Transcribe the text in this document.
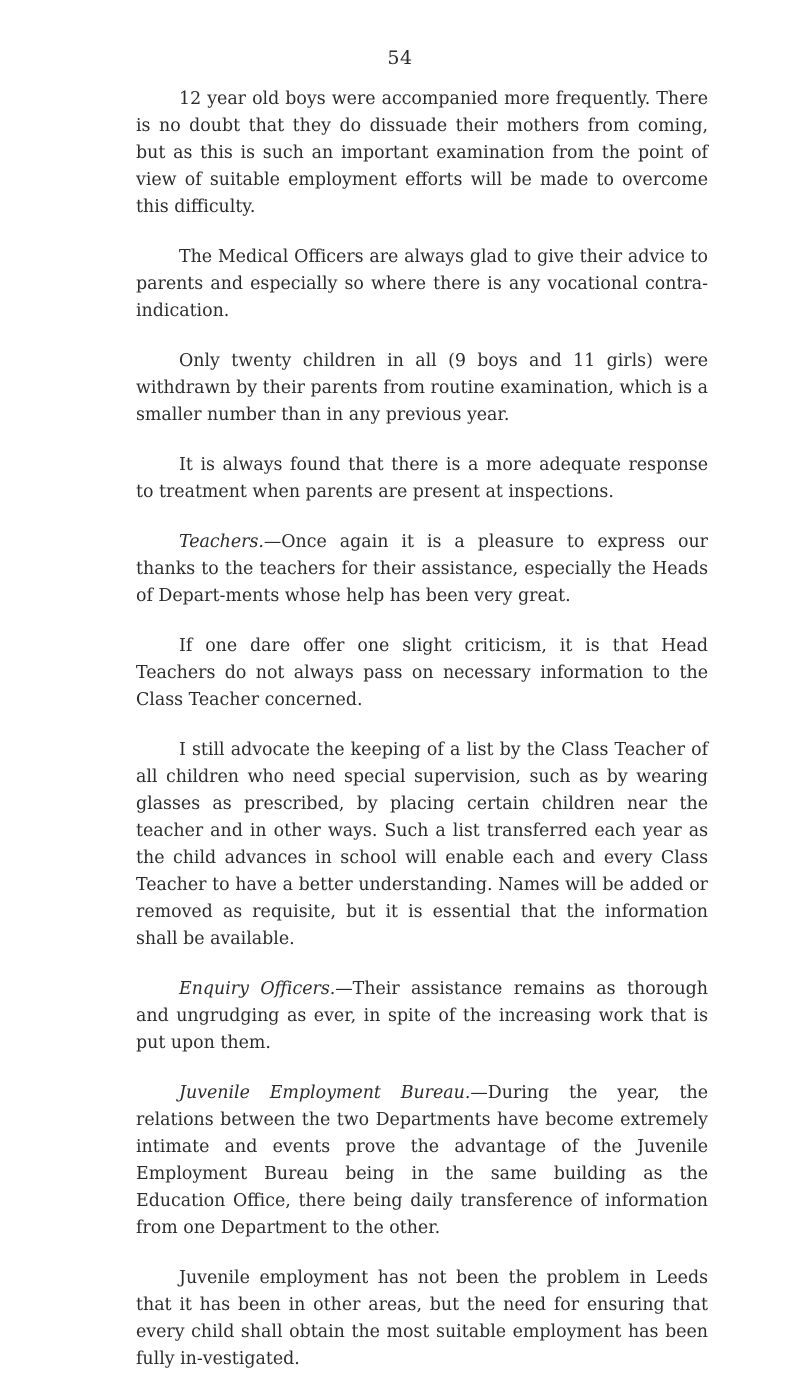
54

12 year old boys were accompanied more frequently. There is no doubt that they do dissuade their mothers from coming, but as this is such an important examination from the point of view of suitable employment efforts will be made to overcome this difficulty.

The Medical Officers are always glad to give their advice to parents and especially so where there is any vocational contra-indication.

Only twenty children in all (9 boys and 11 girls) were withdrawn by their parents from routine examination, which is a smaller number than in any previous year.

It is always found that there is a more adequate response to treatment when parents are present at inspections.

Teachers.—Once again it is a pleasure to express our thanks to the teachers for their assistance, especially the Heads of Depart-ments whose help has been very great.

If one dare offer one slight criticism, it is that Head Teachers do not always pass on necessary information to the Class Teacher concerned.

I still advocate the keeping of a list by the Class Teacher of all children who need special supervision, such as by wearing glasses as prescribed, by placing certain children near the teacher and in other ways. Such a list transferred each year as the child advances in school will enable each and every Class Teacher to have a better understanding. Names will be added or removed as requisite, but it is essential that the information shall be available.

Enquiry Officers.—Their assistance remains as thorough and ungrudging as ever, in spite of the increasing work that is put upon them.

Juvenile Employment Bureau.—During the year, the relations between the two Departments have become extremely intimate and events prove the advantage of the Juvenile Employment Bureau being in the same building as the Education Office, there being daily transference of information from one Department to the other.

Juvenile employment has not been the problem in Leeds that it has been in other areas, but the need for ensuring that every child shall obtain the most suitable employment has been fully in-vestigated.
